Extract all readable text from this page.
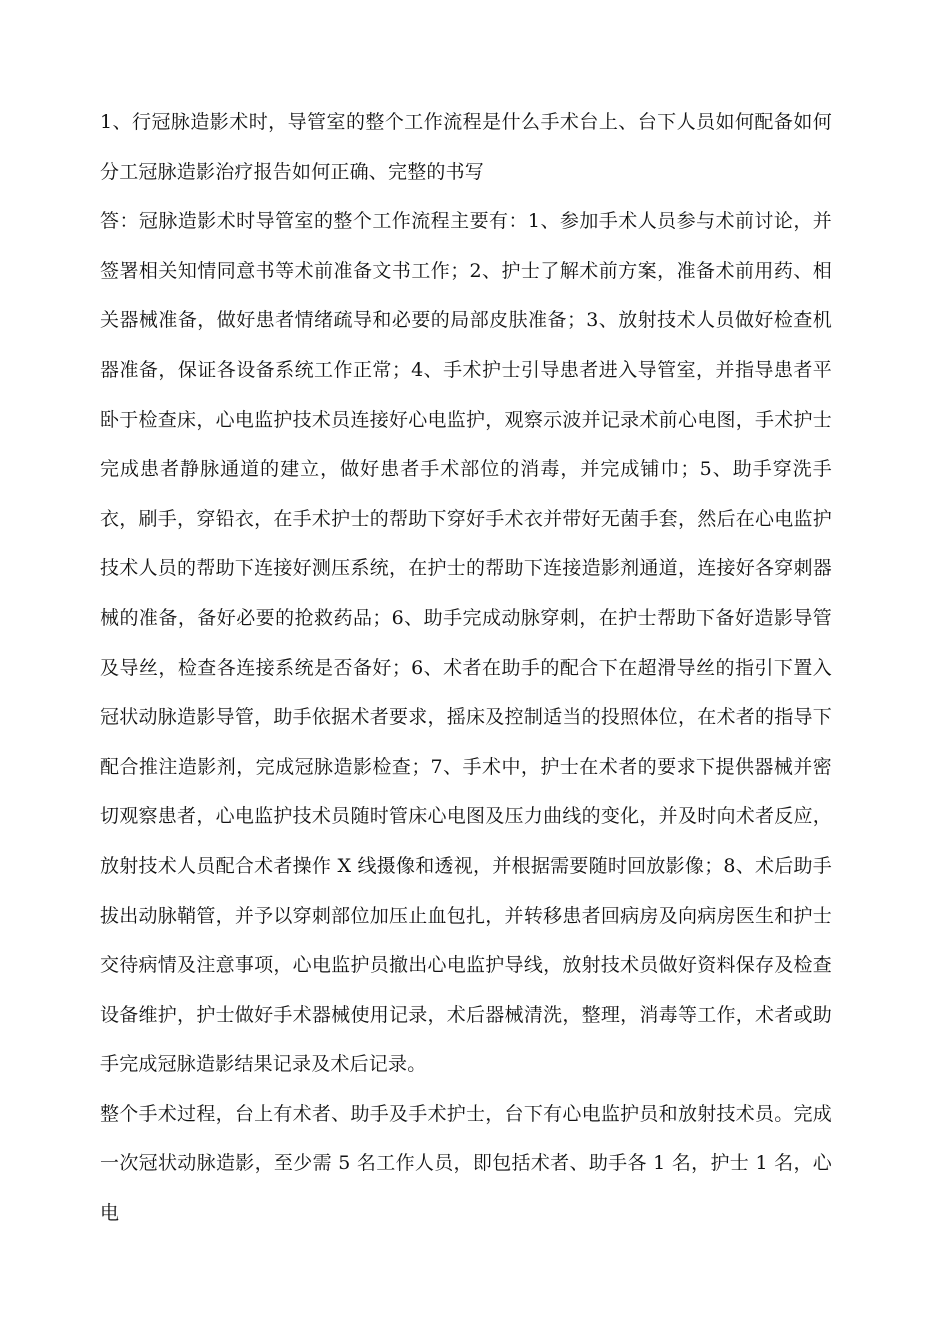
1、行冠脉造影术时，导管室的整个工作流程是什么手术台上、台下人员如何配备如何分工冠脉造影治疗报告如何正确、完整的书写

答：冠脉造影术时导管室的整个工作流程主要有：1、参加手术人员参与术前讨论，并签署相关知情同意书等术前准备文书工作；2、护士了解术前方案，准备术前用药、相关器械准备，做好患者情绪疏导和必要的局部皮肤准备；3、放射技术人员做好检查机器准备，保证各设备系统工作正常；4、手术护士引导患者进入导管室，并指导患者平卧于检查床，心电监护技术员连接好心电监护，观察示波并记录术前心电图，手术护士完成患者静脉通道的建立，做好患者手术部位的消毒，并完成铺巾；5、助手穿洗手衣，刷手，穿铅衣，在手术护士的帮助下穿好手术衣并带好无菌手套，然后在心电监护技术人员的帮助下连接好测压系统，在护士的帮助下连接造影剂通道，连接好各穿刺器械的准备，备好必要的抢救药品；6、助手完成动脉穿刺，在护士帮助下备好造影导管及导丝，检查各连接系统是否备好；6、术者在助手的配合下在超滑导丝的指引下置入冠状动脉造影导管，助手依据术者要求，摇床及控制适当的投照体位，在术者的指导下配合推注造影剂，完成冠脉造影检查；7、手术中，护士在术者的要求下提供器械并密切观察患者，心电监护技术员随时管床心电图及压力曲线的变化，并及时向术者反应，放射技术人员配合术者操作 X 线摄像和透视，并根据需要随时回放影像；8、术后助手拔出动脉鞘管，并予以穿刺部位加压止血包扎，并转移患者回病房及向病房医生和护士交待病情及注意事项，心电监护员撤出心电监护导线，放射技术员做好资料保存及检查设备维护，护士做好手术器械使用记录，术后器械清洗，整理，消毒等工作，术者或助手完成冠脉造影结果记录及术后记录。

整个手术过程，台上有术者、助手及手术护士，台下有心电监护员和放射技术员。完成一次冠状动脉造影，至少需 5 名工作人员，即包括术者、助手各 1 名，护士 1 名，心电
